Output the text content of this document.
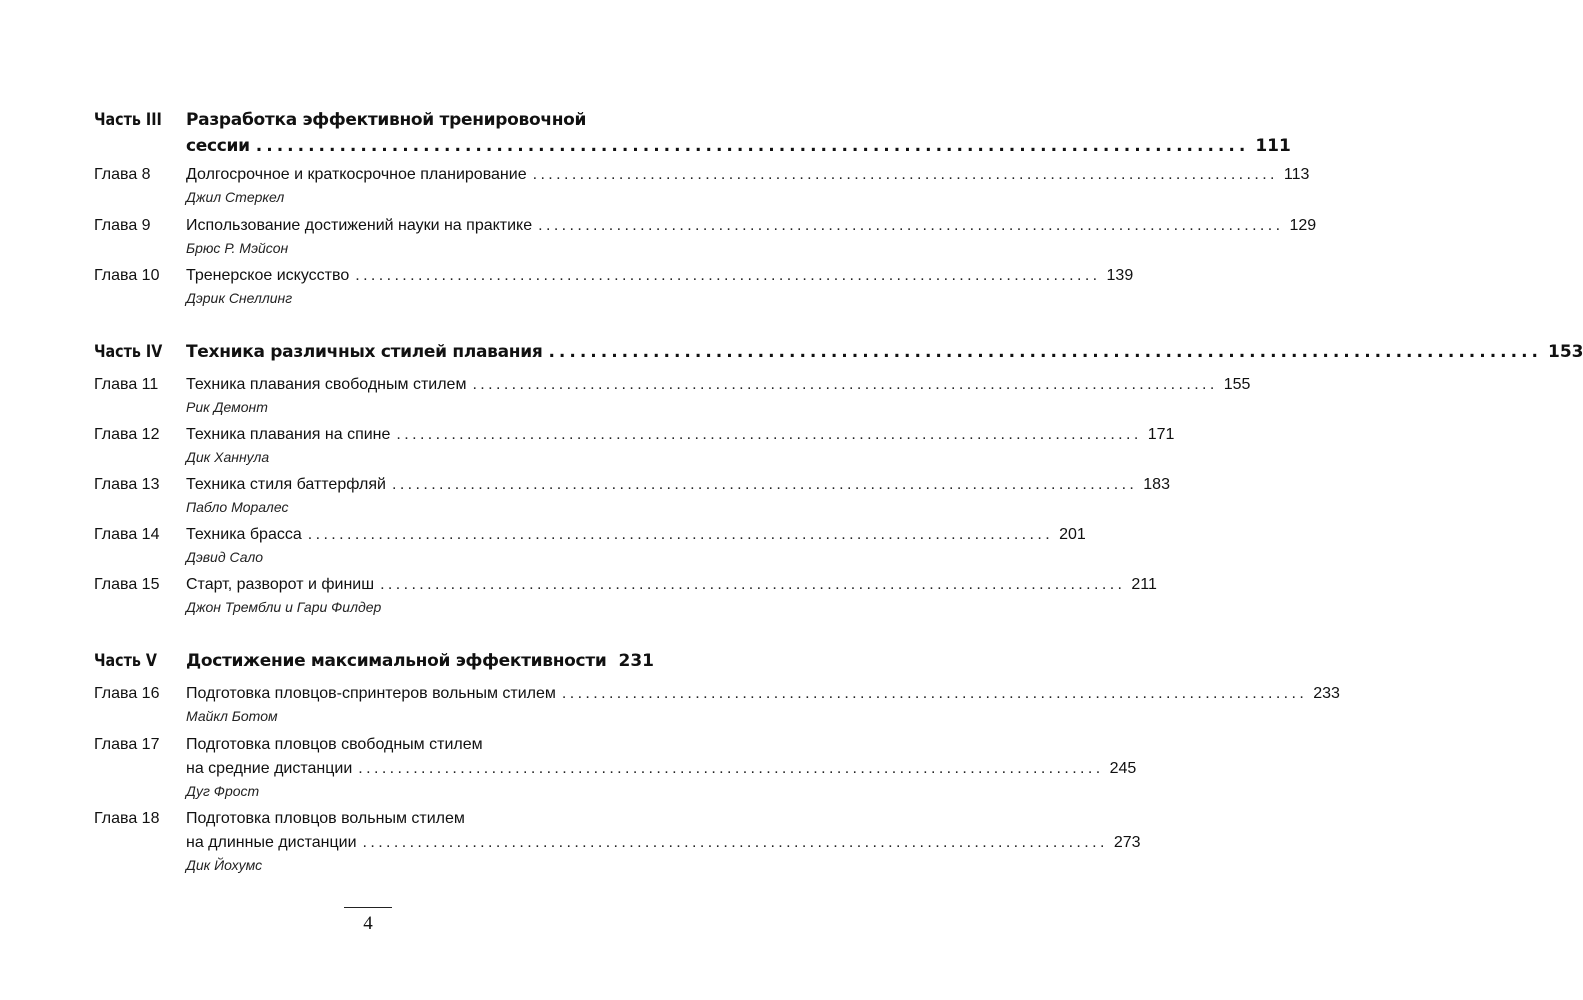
Часть III	Разработка эффективной тренировочной
сессии ............................................................................................... 111
Глава 8	Долгосрочное и краткосрочное планирование ............................................................................................... 113
Джил Стеркел
Глава 9	Использование достижений науки на практике ............................................................................................... 129
Брюс Р. Мэйсон
Глава 10	Тренерское искусство ............................................................................................... 139
Дэрик Снеллинг
Часть IV	Техника различных стилей плавания ............................................................................................... 153
Глава 11	Техника плавания свободным стилем ............................................................................................... 155
Рик Демонт
Глава 12	Техника плавания на спине ............................................................................................... 171
Дик Ханнула
Глава 13	Техника стиля баттерфляй ............................................................................................... 183
Пабло Моралес
Глава 14	Техника брасса ............................................................................................... 201
Дэвид Сало
Глава 15	Старт, разворот и финиш ............................................................................................... 211
Джон Трембли и Гари Филдер
Часть V	Достижение максимальной эффективности 231
Глава 16	Подготовка пловцов-спринтеров вольным стилем ............................................................................................... 233
Майкл Ботом
Глава 17	Подготовка пловцов свободным стилем
на средние дистанции ............................................................................................... 245
Дуг Фрост
Глава 18	Подготовка пловцов вольным стилем
на длинные дистанции ............................................................................................... 273
Дик Йохумс
4
